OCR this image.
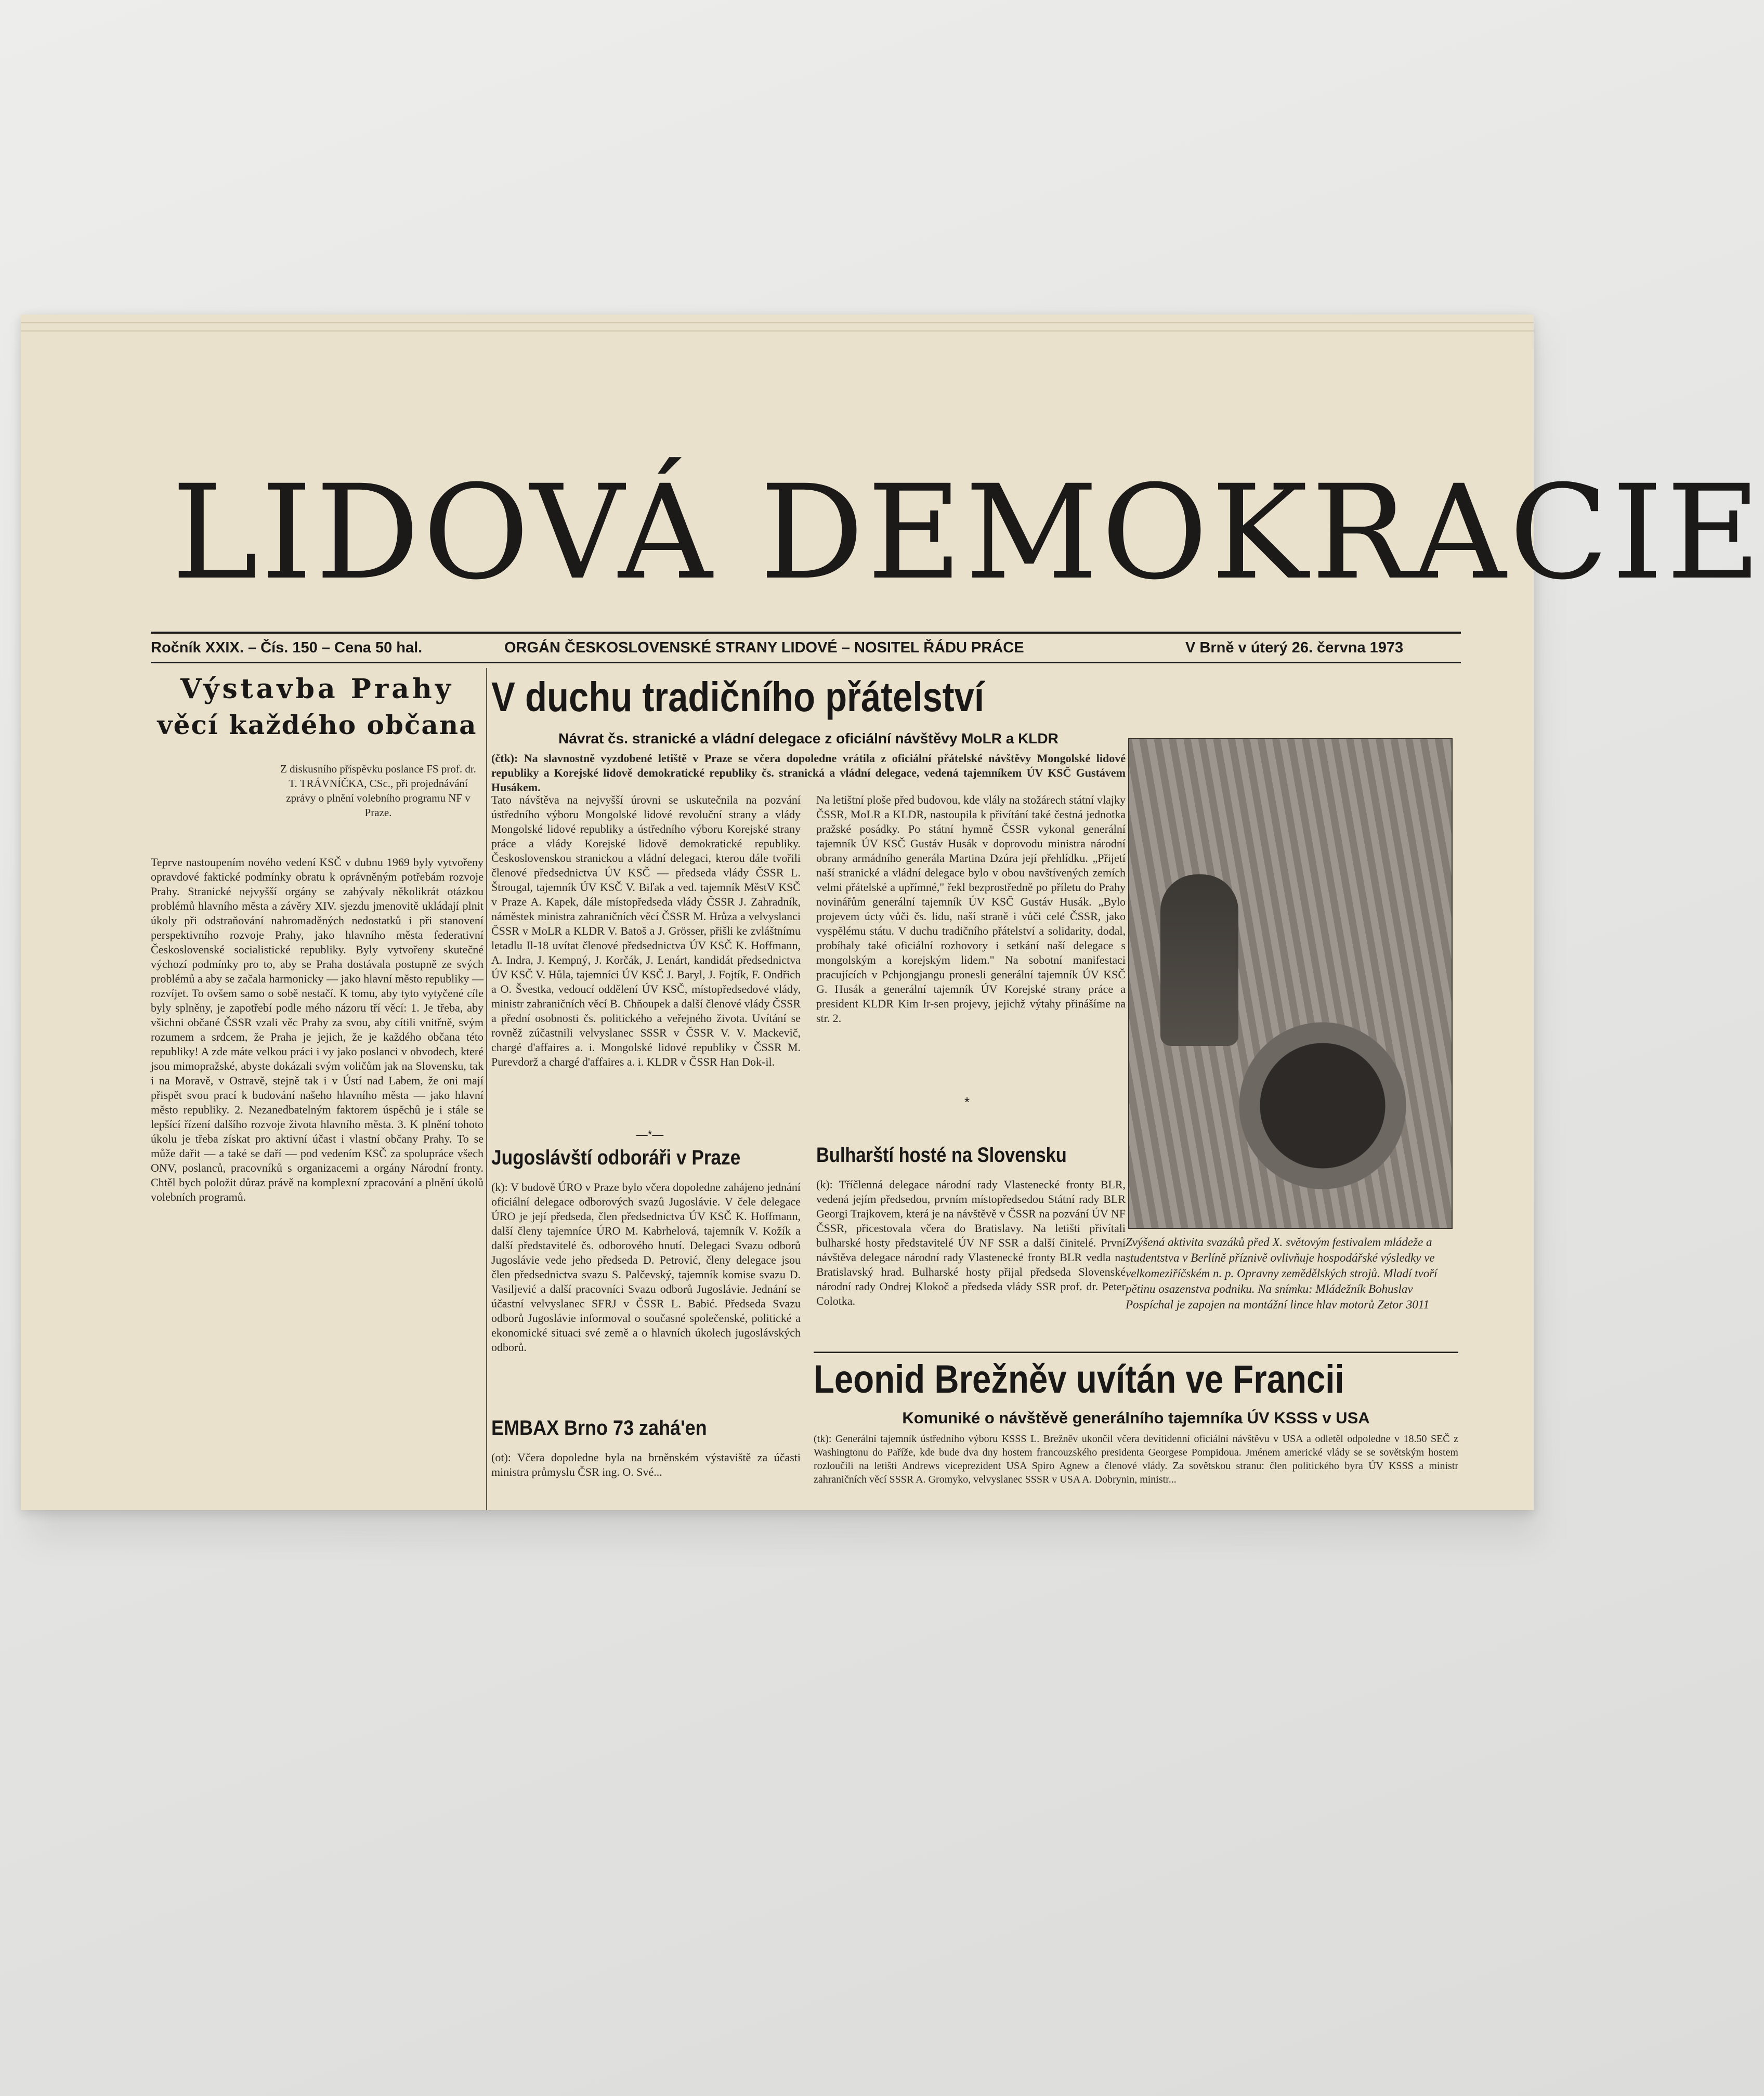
LIDOVÁ DEMOKRACIE
Ročník XXIX. – Čís. 150 – Cena 50 hal.	ORGÁN ČESKOSLOVENSKÉ STRANY LIDOVÉ – NOSITEL ŘÁDU PRÁCE	V Brně v úterý 26. června 1973
Výstavba Prahy
věcí každého občana
Z diskusního příspěvku poslance FS prof. dr. T. TRÁVNÍČKA, CSc., při projednávání zprávy o plnění volebního programu NF v Praze.
Teprve nastoupením nového vedení KSČ v dubnu 1969 byly vytvořeny opravdové faktické podmínky obratu k oprávněným potřebám rozvoje Prahy. Stranické nejvyšší orgány se zabývaly několikrát otázkou problémů hlavního města a závěry XIV. sjezdu jmenovitě ukládají plnit úkoly při odstraňování nahromaděných nedostatků i při stanovení perspektivního rozvoje Prahy, jako hlavního města federativní Československé socialistické republiky. Byly vytvořeny skutečné výchozí podmínky pro to, aby se Praha dostávala postupně ze svých problémů a aby se začala harmonicky — jako hlavní město republiky — rozvíjet. To ovšem samo o sobě nestačí. K tomu, aby tyto vytyčené cíle byly splněny, je zapotřebí podle mého názoru tří věcí: 1. Je třeba, aby všichni občané ČSSR vzali věc Prahy za svou, aby cítili vnitřně, svým rozumem a srdcem, že Praha je jejich, že je každého občana této republiky! A zde máte velkou práci i vy jako poslanci v obvodech, které jsou mimopražské, abyste dokázali svým voličům jak na Slovensku, tak i na Moravě, v Ostravě, stejně tak i v Ústí nad Labem, že oni mají přispět svou prací k budování našeho hlavního města — jako hlavní město republiky. 2. Nezanedbatelným faktorem úspěchů je i stále se lepšící řízení dalšího rozvoje života hlavního města. 3. K plnění tohoto úkolu je třeba získat pro aktivní účast i vlastní občany Prahy. To se může dařit — a také se daří — pod vedením KSČ za spolupráce všech ONV, poslanců, pracovníků s organizacemi a orgány Národní fronty. Chtěl bych položit důraz právě na komplexní zpracování a plnění úkolů volebních programů.
V duchu tradičního přátelství
Návrat čs. stranické a vládní delegace z oficiální návštěvy MoLR a KLDR
(čtk): Na slavnostně vyzdobené letiště v Praze se včera dopoledne vrátila z oficiální přátelské návštěvy Mongolské lidové republiky a Korejské lidově demokratické republiky čs. stranická a vládní delegace, vedená tajemníkem ÚV KSČ Gustávem Husákem.
Tato návštěva na nejvyšší úrovni se uskutečnila na pozvání ústředního výboru Mongolské lidové revoluční strany a vlády Mongolské lidové republiky a ústředního výboru Korejské strany práce a vlády Korejské lidově demokratické republiky. Československou stranickou a vládní delegaci, kterou dále tvořili členové předsednictva ÚV KSČ — předseda vlády ČSSR L. Štrougal, tajemník ÚV KSČ V. Biľak a ved. tajemník MěstV KSČ v Praze A. Kapek, dále místopředseda vlády ČSSR J. Zahradník, náměstek ministra zahraničních věcí ČSSR M. Hrůza a velvyslanci ČSSR v MoLR a KLDR V. Batoš a J. Grösser, přišli ke zvláštnímu letadlu Il-18 uvítat členové předsednictva ÚV KSČ K. Hoffmann, A. Indra, J. Kempný, J. Korčák, J. Lenárt, kandidát předsednictva ÚV KSČ V. Hůla, tajemníci ÚV KSČ J. Baryl, J. Fojtík, F. Ondřich a O. Švestka, vedoucí oddělení ÚV KSČ, místopředsedové vlády, ministr zahraničních věcí B. Chňoupek a další členové vlády ČSSR a přední osobnosti čs. politického a veřejného života. Uvítání se rovněž zúčastnili velvyslanec SSSR v ČSSR V. V. Mackevič, chargé d'affaires a. i. Mongolské lidové republiky v ČSSR M. Purevdorž a chargé d'affaires a. i. KLDR v ČSSR Han Dok-il.
Na letištní ploše před budovou, kde vlály na stožárech státní vlajky ČSSR, MoLR a KLDR, nastoupila k přivítání také čestná jednotka pražské posádky. Po státní hymně ČSSR vykonal generální tajemník ÚV KSČ Gustáv Husák v doprovodu ministra národní obrany armádního generála Martina Dzúra její přehlídku. „Přijetí naší stranické a vládní delegace bylo v obou navštívených zemích velmi přátelské a upřímné," řekl bezprostředně po příletu do Prahy novinářům generální tajemník ÚV KSČ Gustáv Husák. „Bylo projevem úcty vůči čs. lidu, naší straně i vůči celé ČSSR, jako vyspělému státu. V duchu tradičního přátelství a solidarity, dodal, probíhaly také oficiální rozhovory i setkání naší delegace s mongolským a korejským lidem." Na sobotní manifestaci pracujících v Pchjongjangu pronesli generální tajemník ÚV KSČ G. Husák a generální tajemník ÚV Korejské strany práce a president KLDR Kim Ir-sen projevy, jejichž výtahy přinášíme na str. 2.
*
—*—
Jugoslávští odboráři v Praze
(k): V budově ÚRO v Praze bylo včera dopoledne zahájeno jednání oficiální delegace odborových svazů Jugoslávie. V čele delegace ÚRO je její předseda, člen předsednictva ÚV KSČ K. Hoffmann, další členy tajemníce ÚRO M. Kabrhelová, tajemník V. Kožík a další představitelé čs. odborového hnutí. Delegaci Svazu odborů Jugoslávie vede jeho předseda D. Petrović, členy delegace jsou člen předsednictva svazu S. Palčevský, tajemník komise svazu D. Vasiljević a další pracovníci Svazu odborů Jugoslávie. Jednání se účastní velvyslanec SFRJ v ČSSR L. Babić. Předseda Svazu odborů Jugoslávie informoval o současné společenské, politické a ekonomické situaci své země a o hlavních úkolech jugoslávských odborů.
EMBAX Brno 73 zahá'en
(ot): Včera dopoledne byla na brněnském výstaviště za účasti ministra průmyslu ČSR ing. O. Své...
Bulharští hosté na Slovensku
(k): Tříčlenná delegace národní rady Vlastenecké fronty BLR, vedená jejím předsedou, prvním místopředsedou Státní rady BLR Georgi Trajkovem, která je na návštěvě v ČSSR na pozvání ÚV NF ČSSR, přicestovala včera do Bratislavy. Na letišti přivítali bulharské hosty představitelé ÚV NF SSR a další činitelé. První návštěva delegace národní rady Vlastenecké fronty BLR vedla na Bratislavský hrad. Bulharské hosty přijal předseda Slovenské národní rady Ondrej Klokoč a předseda vlády SSR prof. dr. Peter Colotka.
Zvýšená aktivita svazáků před X. světovým festivalem mládeže a studentstva v Berlíně příznivě ovlivňuje hospodářské výsledky ve velkomeziříčském n. p. Opravny zemědělských strojů. Mladí tvoří pětinu osazenstva podniku. Na snímku: Mládežník Bohuslav Pospíchal je zapojen na montážní lince hlav motorů Zetor 3011
Leonid Brežněv uvítán ve Francii
Komuniké o návštěvě generálního tajemníka ÚV KSSS v USA
(tk): Generální tajemník ústředního výboru KSSS L. Brežněv ukončil včera devítidenní oficiální návštěvu v USA a odletěl odpoledne v 18.50 SEČ z Washingtonu do Paříže, kde bude dva dny hostem francouzského presidenta Georgese Pompidoua. Jménem americké vlády se se sovětským hostem rozloučili na letišti Andrews viceprezident USA Spiro Agnew a členové vlády. Za sovětskou stranu: člen politického byra ÚV KSSS a ministr zahraničních věcí SSSR A. Gromyko, velvyslanec SSSR v USA A. Dobrynin, ministr...
